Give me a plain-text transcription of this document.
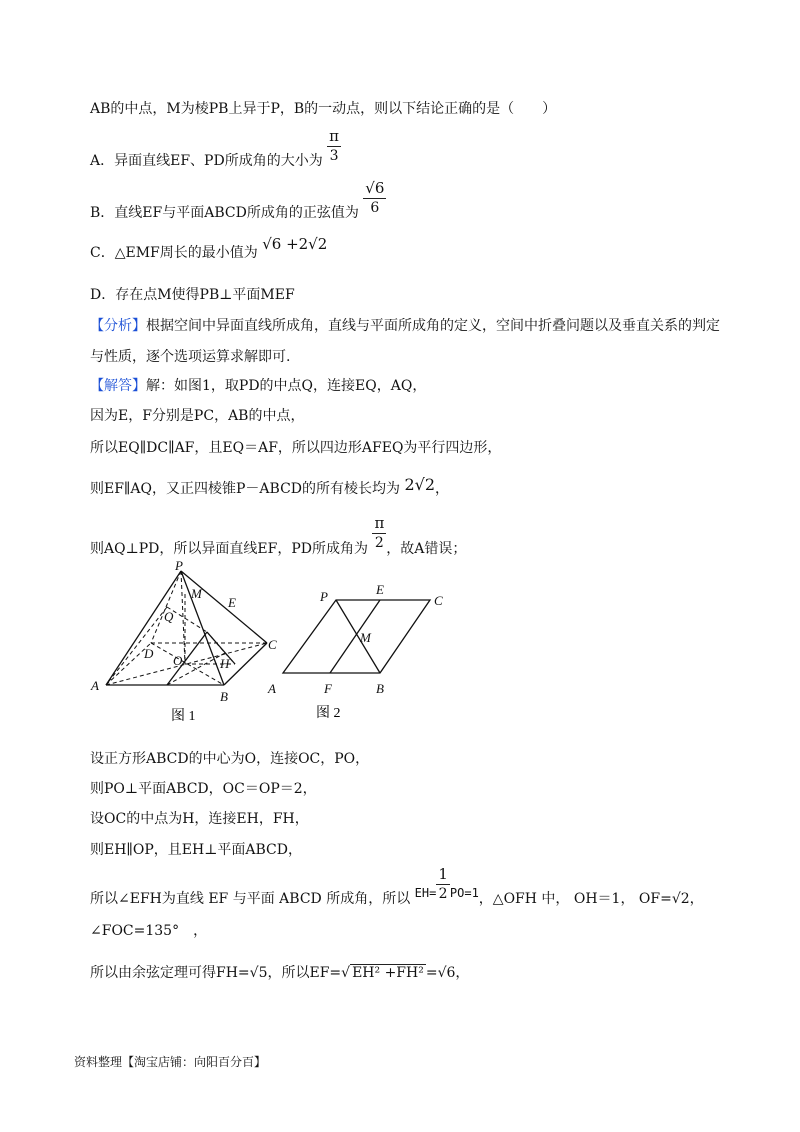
AB的中点，M为棱PB上异于P，B的一动点，则以下结论正确的是（　　）
A．异面直线EF、PD所成角的大小为 $\frac{\pi}{3}$
B．直线EF与平面ABCD所成角的正弦值为 $\frac{√6}{6}$
C．△EMF周长的最小值为 √6 +2√2
D．存在点M使得PB⊥平面MEF
【分析】根据空间中异面直线所成角，直线与平面所成角的定义，空间中折叠问题以及垂直关系的判定
与性质，逐个选项运算求解即可.
【解答】解：如图1，取PD的中点Q，连接EQ，AQ，
因为E，F分别是PC，AB的中点，
所以EQ∥DC∥AF，且EQ＝AF，所以四边形AFEQ为平行四边形，
则EF∥AQ，又正四棱锥P－ABCD的所有棱长均为 2√2，
则AQ⊥PD，所以异面直线EF，PD所成角为 $\frac{\pi}{2}$ ，故A错误；
P
M
E
Q
D
C
O	H
A
B
图 1
P	E
C
M
A	F	B
图 2
设正方形ABCD的中心为O，连接OC，PO，
则PO⊥平面ABCD，OC＝OP＝2，
设OC的中点为H，连接EH，FH，
则EH∥OP，且EH⊥平面ABCD，
所以∠EFH为直线 EF 与平面 ABCD 所成角，所以 $EH= \frac{1}{2} PO=1$，△OFH 中， OH＝1， OF=√2，
∠FOC=135°　，
所以由余弦定理可得FH=√5，所以EF=√ EH² +FH² =√6，
资料整理【淘宝店铺：向阳百分百】
